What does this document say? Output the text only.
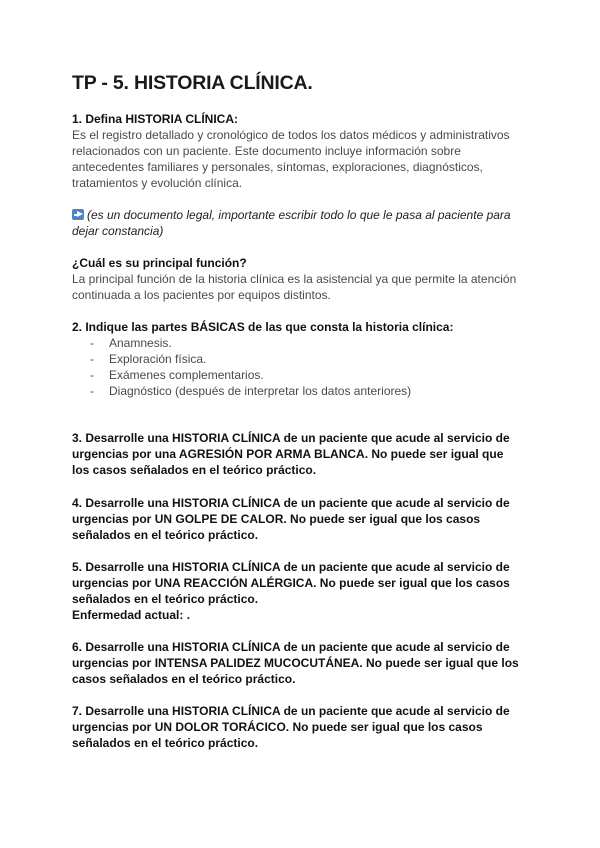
TP - 5. HISTORIA CLÍNICA.
1. Defina HISTORIA CLÍNICA:
Es el registro detallado y cronológico de todos los datos médicos y administrativos
relacionados con un paciente. Este documento incluye información sobre
antecedentes familiares y personales, síntomas, exploraciones, diagnósticos,
tratamientos y evolución clínica.
(es un documento legal, importante escribir todo lo que le pasa al paciente para
dejar constancia)
¿Cuál es su principal función?
La principal función de la historia clínica es la asistencial ya que permite la atención
continuada a los pacientes por equipos distintos.
2. Indique las partes BÁSICAS de las que consta la historia clínica:
- Anamnesis.
- Exploración física.
- Exámenes complementarios.
- Diagnóstico (después de interpretar los datos anteriores)
3. Desarrolle una HISTORIA CLÍNICA de un paciente que acude al servicio de
urgencias por una AGRESIÓN POR ARMA BLANCA. No puede ser igual que
los casos señalados en el teórico práctico.
4. Desarrolle una HISTORIA CLÍNICA de un paciente que acude al servicio de
urgencias por UN GOLPE DE CALOR. No puede ser igual que los casos
señalados en el teórico práctico.
5. Desarrolle una HISTORIA CLÍNICA de un paciente que acude al servicio de
urgencias por UNA REACCIÓN ALÉRGICA. No puede ser igual que los casos
señalados en el teórico práctico.
Enfermedad actual: .
6. Desarrolle una HISTORIA CLÍNICA de un paciente que acude al servicio de
urgencias por INTENSA PALIDEZ MUCOCUTÁNEA. No puede ser igual que los
casos señalados en el teórico práctico.
7. Desarrolle una HISTORIA CLÍNICA de un paciente que acude al servicio de
urgencias por UN DOLOR TORÁCICO. No puede ser igual que los casos
señalados en el teórico práctico.
